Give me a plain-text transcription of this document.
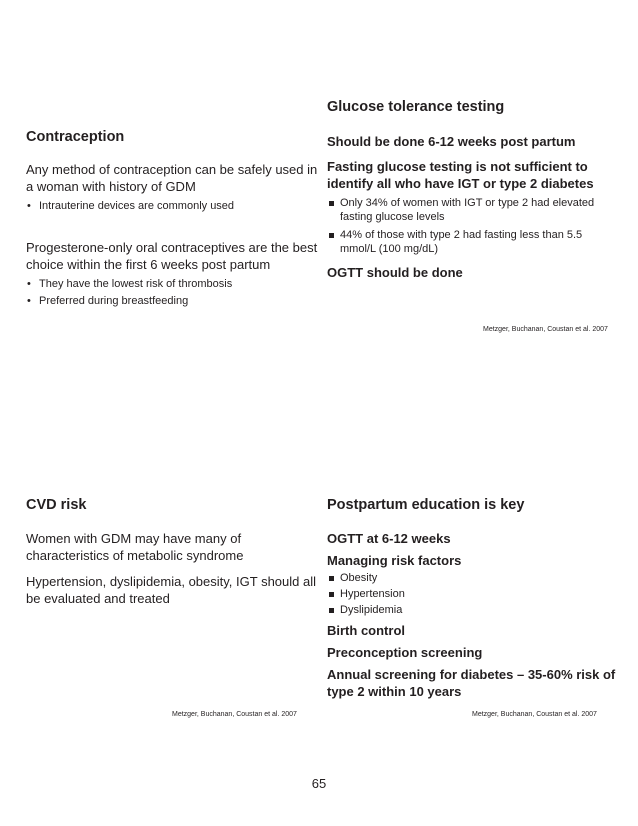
Contraception

Any method of contraception can be safely used in a woman with history of GDM

• Intrauterine devices are commonly used

Progesterone-only oral contraceptives are the best choice within the first 6 weeks post partum

• They have the lowest risk of thrombosis
• Preferred during breastfeeding

Glucose tolerance testing

Should be done 6-12 weeks post partum

Fasting glucose testing is not sufficient to identify all who have IGT or type 2 diabetes

Only 34% of women with IGT or type 2 had elevated fasting glucose levels
44% of those with type 2 had fasting less than 5.5 mmol/L (100 mg/dL)

OGTT should be done

Metzger, Buchanan, Coustan et al. 2007

CVD risk

Women with GDM may have many of characteristics of metabolic syndrome

Hypertension, dyslipidemia, obesity, IGT should all be evaluated and treated

Metzger, Buchanan, Coustan et al. 2007

Postpartum education is key

OGTT at 6-12 weeks

Managing risk factors

Obesity
Hypertension
Dyslipidemia

Birth control

Preconception screening

Annual screening for diabetes – 35-60% risk of type 2 within 10 years

Metzger, Buchanan, Coustan et al. 2007
65
